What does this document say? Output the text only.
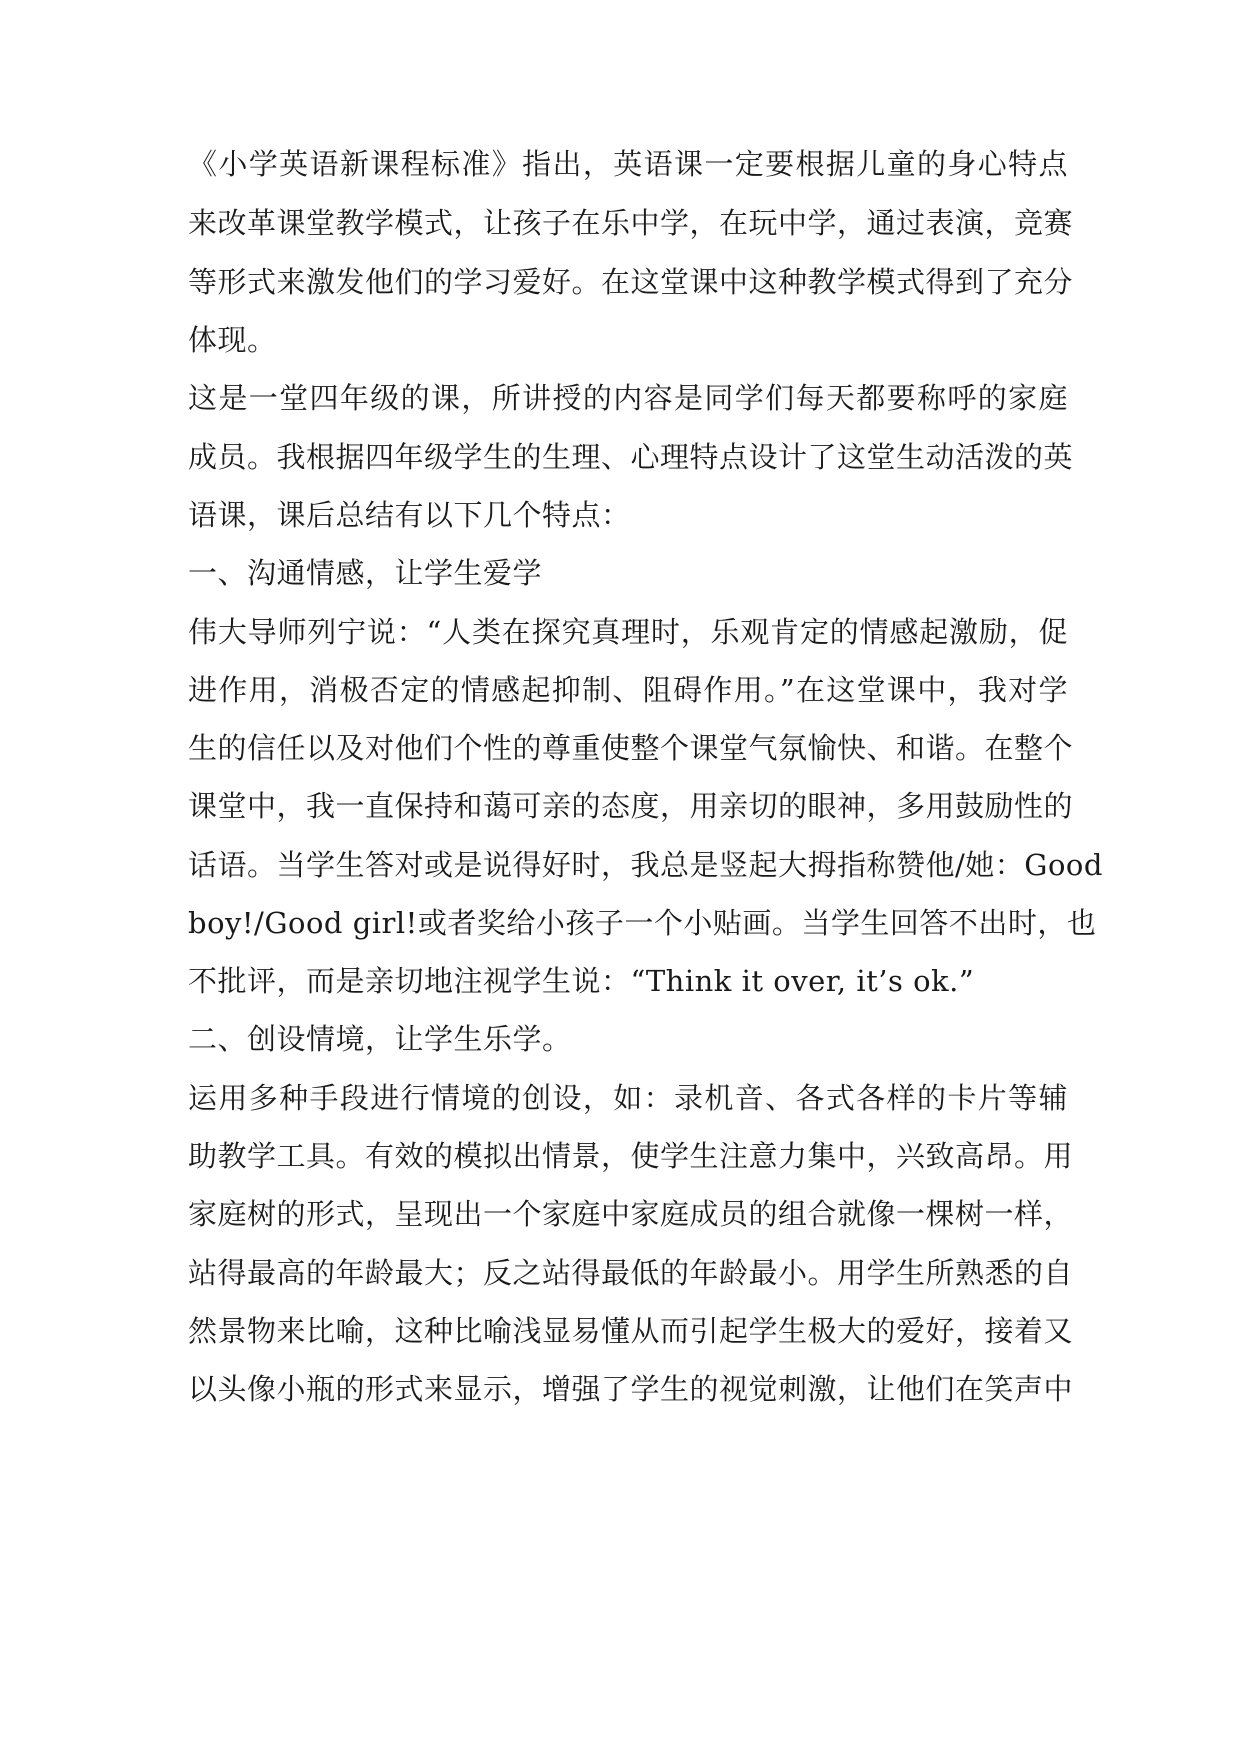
《小学英语新课程标准》指出，英语课一定要根据儿童的身心特点
来改革课堂教学模式，让孩子在乐中学，在玩中学，通过表演，竞赛
等形式来激发他们的学习爱好。在这堂课中这种教学模式得到了充分
体现。
这是一堂四年级的课，所讲授的内容是同学们每天都要称呼的家庭
成员。我根据四年级学生的生理、心理特点设计了这堂生动活泼的英
语课，课后总结有以下几个特点：
一、沟通情感，让学生爱学
伟大导师列宁说：“人类在探究真理时，乐观肯定的情感起激励，促
进作用，消极否定的情感起抑制、阻碍作用。”在这堂课中，我对学
生的信任以及对他们个性的尊重使整个课堂气氛愉快、和谐。在整个
课堂中，我一直保持和蔼可亲的态度，用亲切的眼神，多用鼓励性的
话语。当学生答对或是说得好时，我总是竖起大拇指称赞他/她：Good
boy!/Good girl!或者奖给小孩子一个小贴画。当学生回答不出时，也
不批评，而是亲切地注视学生说：“Think it over, it’s ok.”
二、创设情境，让学生乐学。
运用多种手段进行情境的创设，如：录机音、各式各样的卡片等辅
助教学工具。有效的模拟出情景，使学生注意力集中，兴致高昂。用
家庭树的形式，呈现出一个家庭中家庭成员的组合就像一棵树一样，
站得最高的年龄最大；反之站得最低的年龄最小。用学生所熟悉的自
然景物来比喻，这种比喻浅显易懂从而引起学生极大的爱好，接着又
以头像小瓶的形式来显示，增强了学生的视觉刺激，让他们在笑声中
